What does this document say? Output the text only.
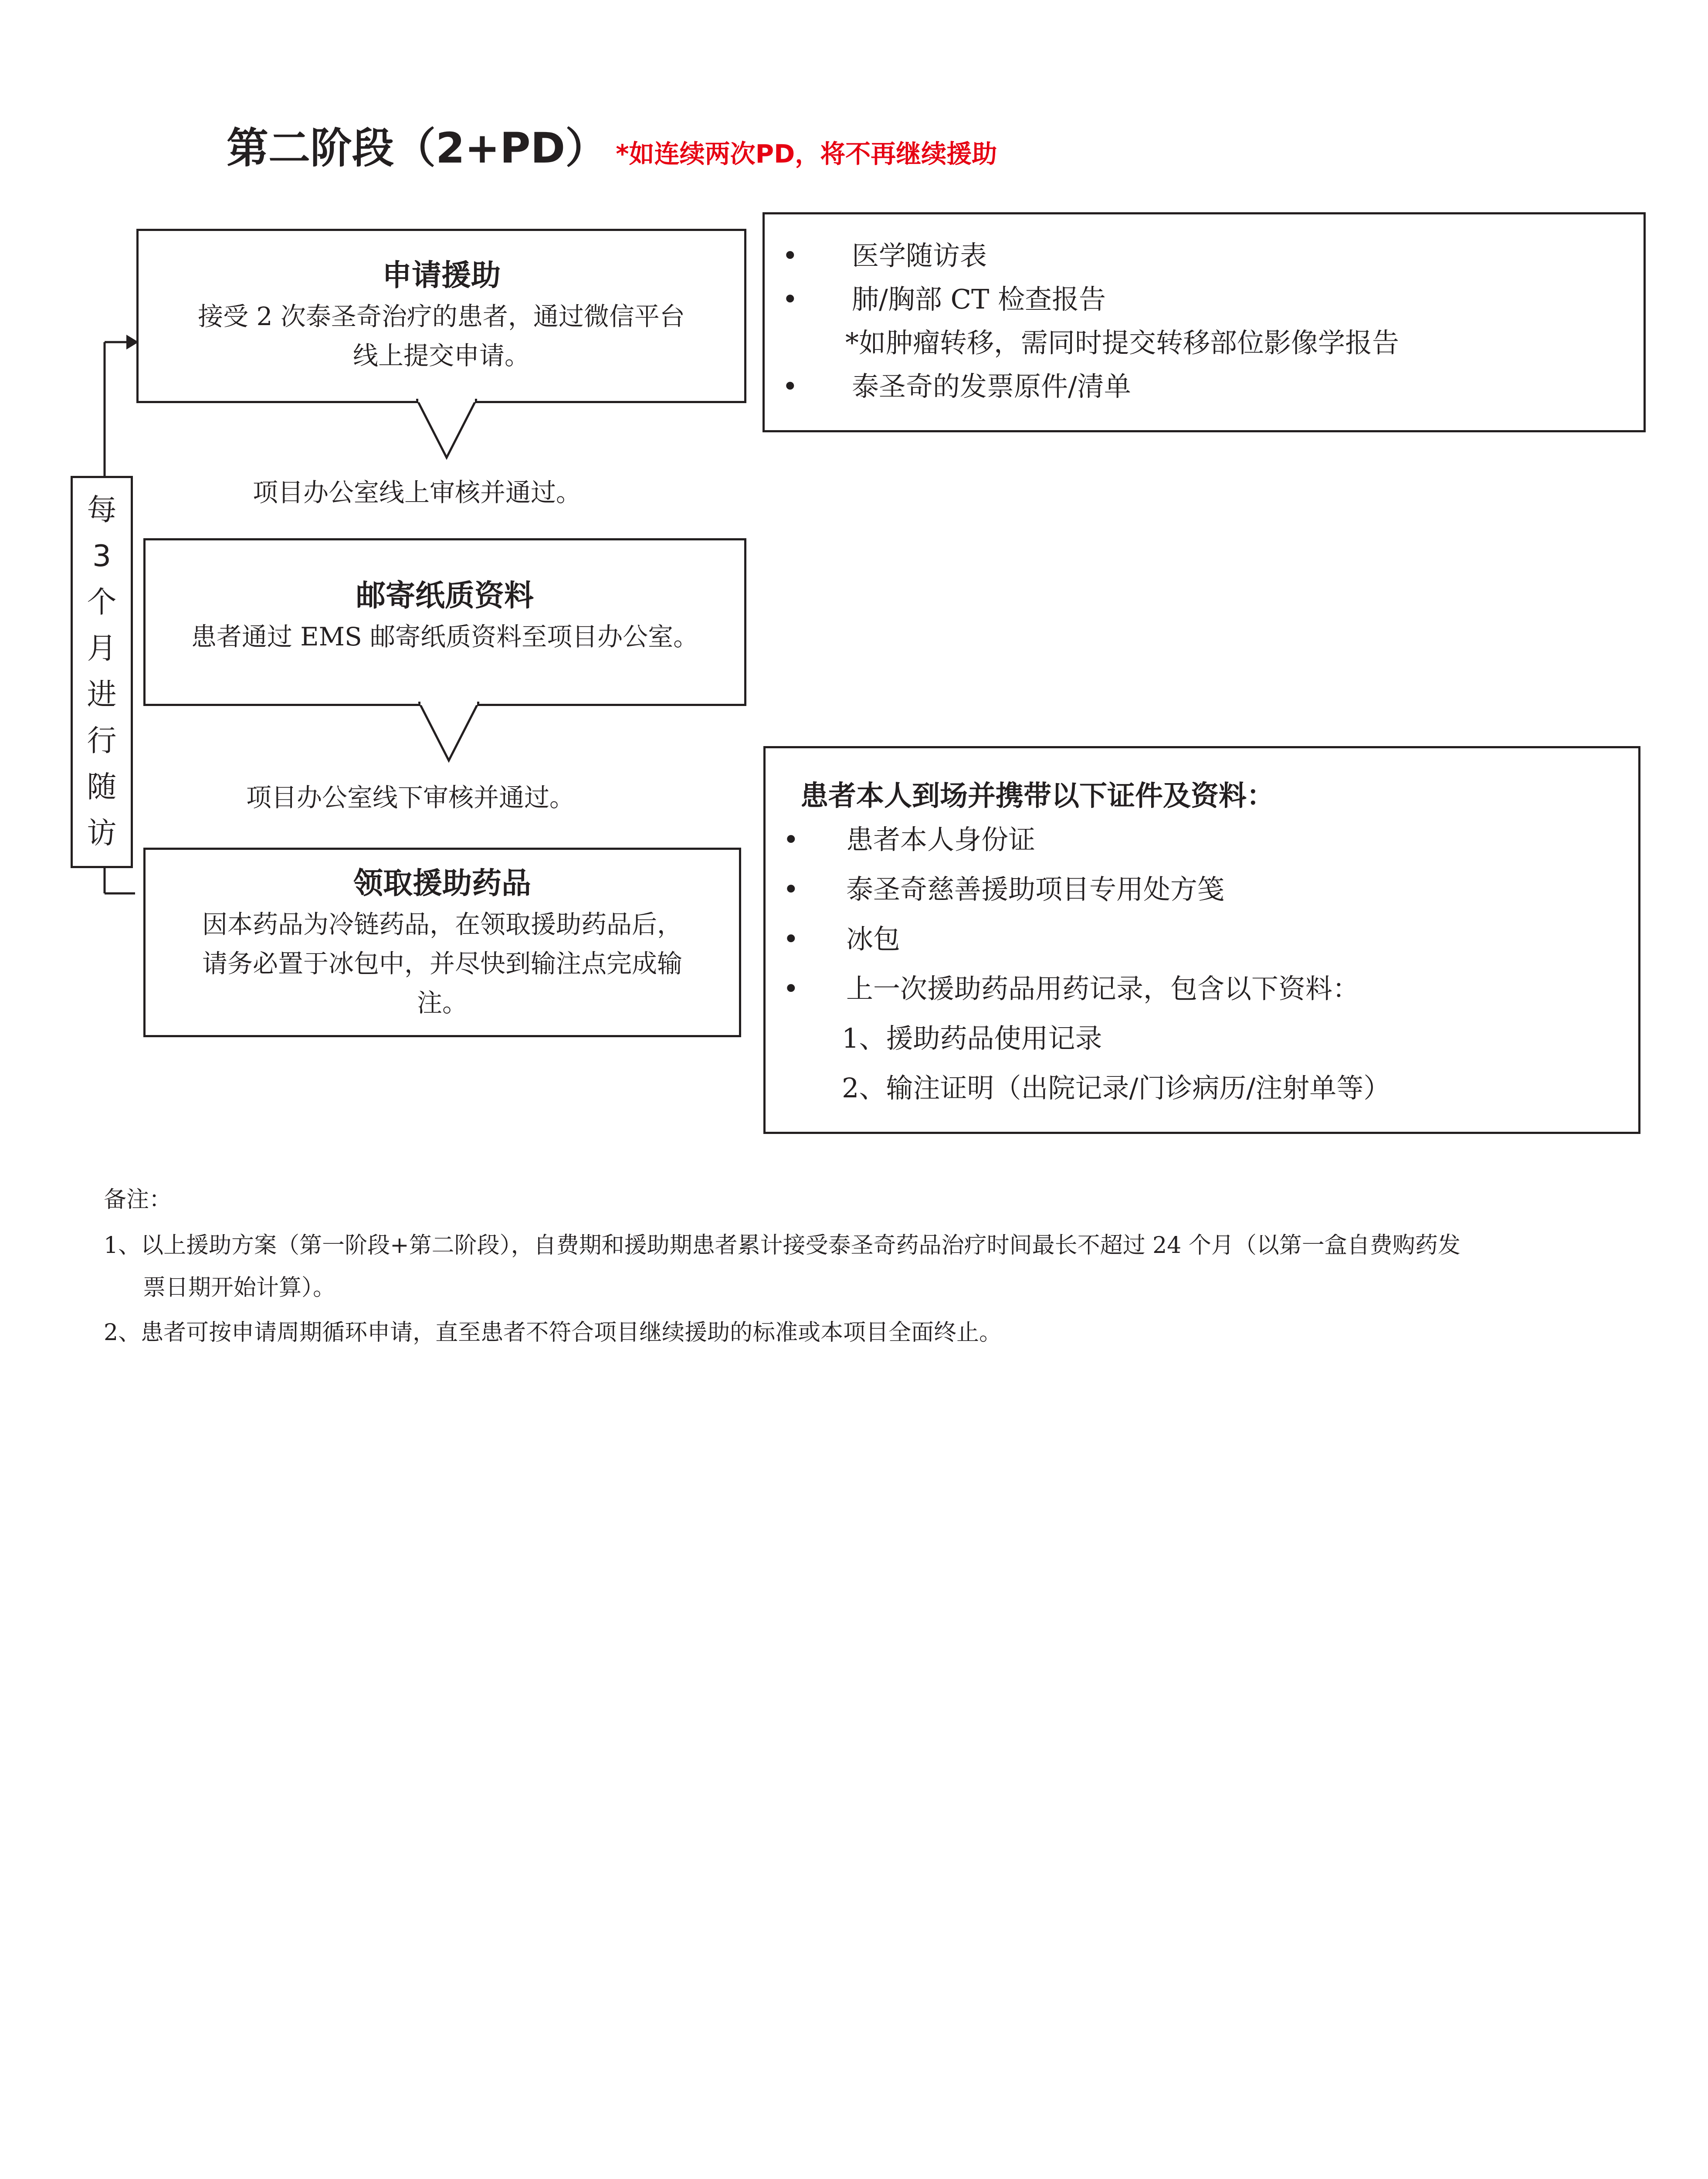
第二阶段（2+PD） *如连续两次PD，将不再继续援助
申请援助
接受 2 次泰圣奇治疗的患者，通过微信平台
线上提交申请。
项目办公室线上审核并通过。
邮寄纸质资料
患者通过 EMS 邮寄纸质资料至项目办公室。
项目办公室线下审核并通过。
领取援助药品
因本药品为冷链药品，在领取援助药品后，
请务必置于冰包中，并尽快到输注点完成输
注。
每
3
个
月
进
行
随
访
• 医学随访表
• 肺/胸部 CT 检查报告
*如肿瘤转移，需同时提交转移部位影像学报告
• 泰圣奇的发票原件/清单
患者本人到场并携带以下证件及资料：
• 患者本人身份证
• 泰圣奇慈善援助项目专用处方笺
• 冰包
• 上一次援助药品用药记录，包含以下资料：
1、援助药品使用记录
2、输注证明（出院记录/门诊病历/注射单等）
备注：
1、以上援助方案（第一阶段+第二阶段），自费期和援助期患者累计接受泰圣奇药品治疗时间最长不超过 24 个月（以第一盒自费购药发
票日期开始计算）。
2、患者可按申请周期循环申请，直至患者不符合项目继续援助的标准或本项目全面终止。
